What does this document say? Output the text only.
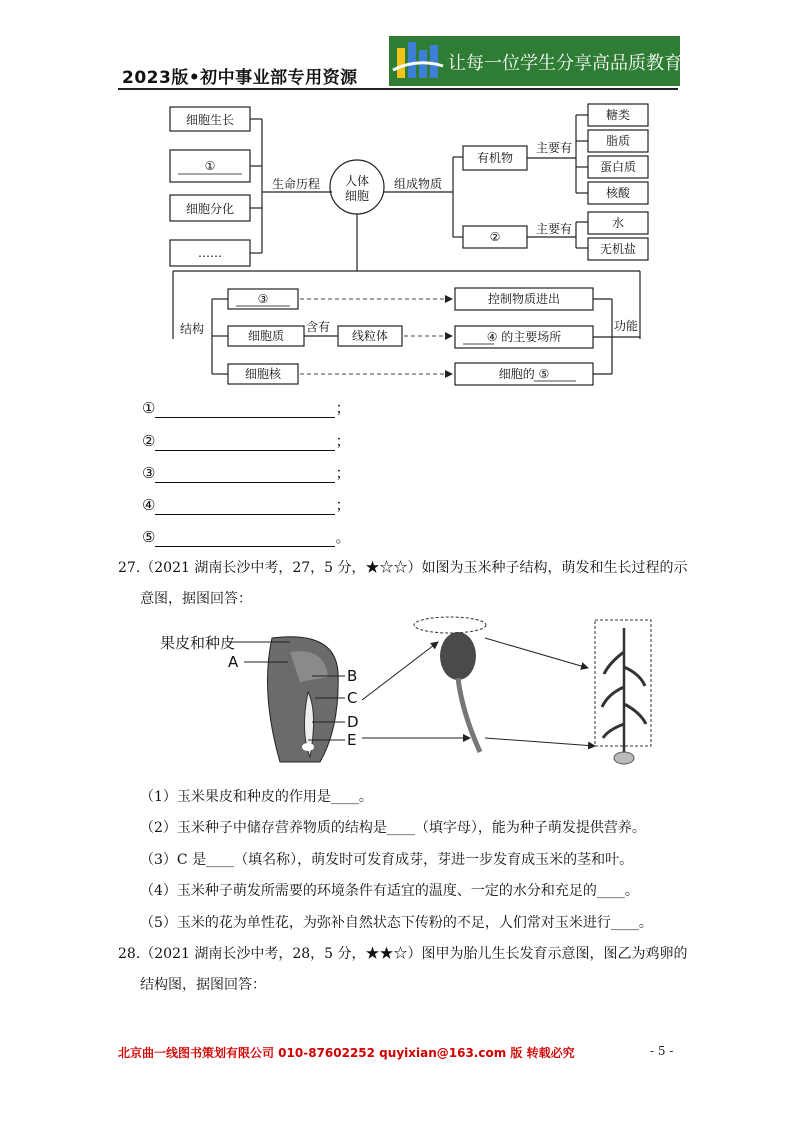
2023版•初中事业部专用资源
让每一位学生分享高品质教育
细胞生长
①
细胞分化
……
生命历程 人体
细胞
组成物质
有机物
②
主要有
主要有
糖类
脂质
蛋白质
核酸
水
无机盐
结构	功能
③
细胞质
细胞核
含有
线粒体
控制物质进出
④ 的主要场所
细胞的 ⑤
①	；
②	；
③	；
④	；
⑤	。
27.（2021 湖南长沙中考，27，5 分，★☆☆）如图为玉米种子结构，萌发和生长过程的示
意图，据图回答：
果皮和种皮
A
B
C
D
E
（1）玉米果皮和种皮的作用是____。
（2）玉米种子中储存营养物质的结构是____（填字母），能为种子萌发提供营养。
（3）C 是____（填名称），萌发时可发育成芽，芽进一步发育成玉米的茎和叶。
（4）玉米种子萌发所需要的环境条件有适宜的温度、一定的水分和充足的____。
（5）玉米的花为单性花，为弥补自然状态下传粉的不足，人们常对玉米进行____。
28.（2021 湖南长沙中考，28，5 分，★★☆）图甲为胎儿生长发育示意图，图乙为鸡卵的
结构图，据图回答：
北京曲一线图书策划有限公司 010-87602252 quyixian@163.com 版 转载必究	- 5 -
